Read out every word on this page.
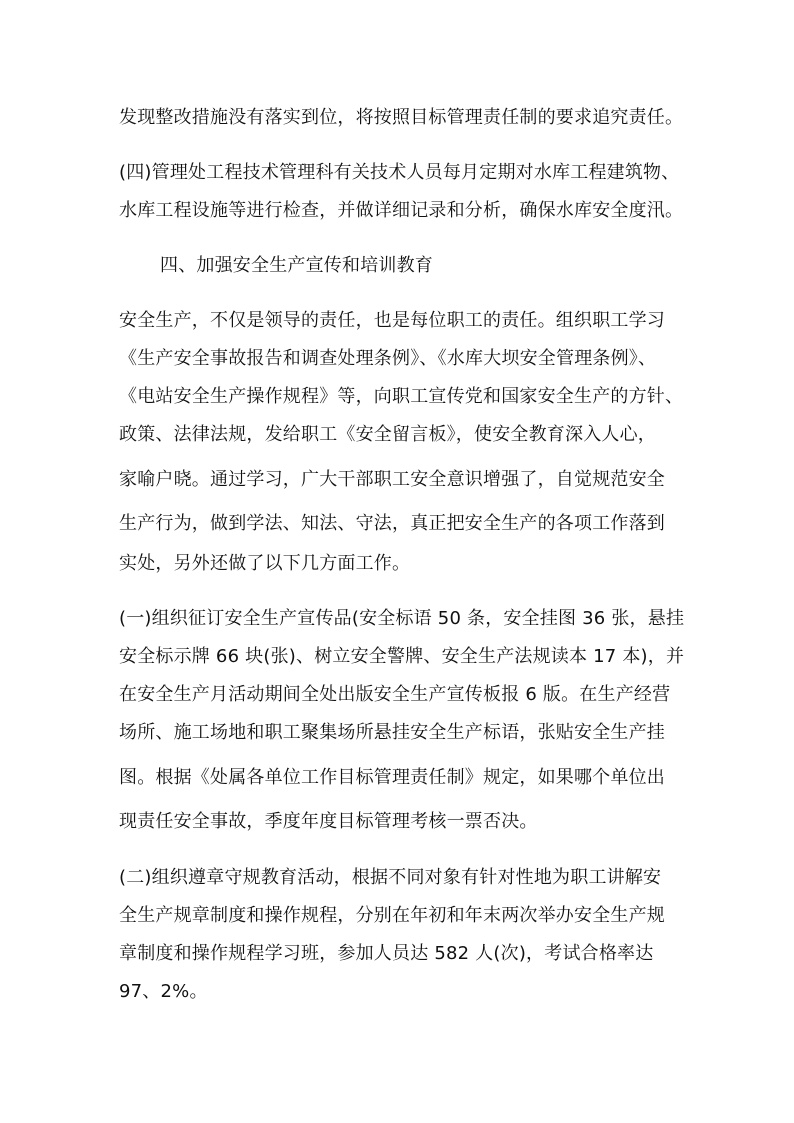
发现整改措施没有落实到位，将按照目标管理责任制的要求追究责任。
(四)管理处工程技术管理科有关技术人员每月定期对水库工程建筑物、
水库工程设施等进行检查，并做详细记录和分析，确保水库安全度汛。
四、加强安全生产宣传和培训教育
安全生产，不仅是领导的责任，也是每位职工的责任。组织职工学习
《生产安全事故报告和调查处理条例》、《水库大坝安全管理条例》、
《电站安全生产操作规程》等，向职工宣传党和国家安全生产的方针、
政策、法律法规，发给职工《安全留言板》，使安全教育深入人心，
家喻户晓。通过学习，广大干部职工安全意识增强了，自觉规范安全
生产行为，做到学法、知法、守法，真正把安全生产的各项工作落到
实处，另外还做了以下几方面工作。
(一)组织征订安全生产宣传品(安全标语 50 条，安全挂图 36 张，悬挂
安全标示牌 66 块(张)、树立安全警牌、安全生产法规读本 17 本)，并
在安全生产月活动期间全处出版安全生产宣传板报 6 版。在生产经营
场所、施工场地和职工聚集场所悬挂安全生产标语，张贴安全生产挂
图。根据《处属各单位工作目标管理责任制》规定，如果哪个单位出
现责任安全事故，季度年度目标管理考核一票否决。
(二)组织遵章守规教育活动，根据不同对象有针对性地为职工讲解安
全生产规章制度和操作规程，分别在年初和年末两次举办安全生产规
章制度和操作规程学习班，参加人员达 582 人(次)，考试合格率达
97、2%。
